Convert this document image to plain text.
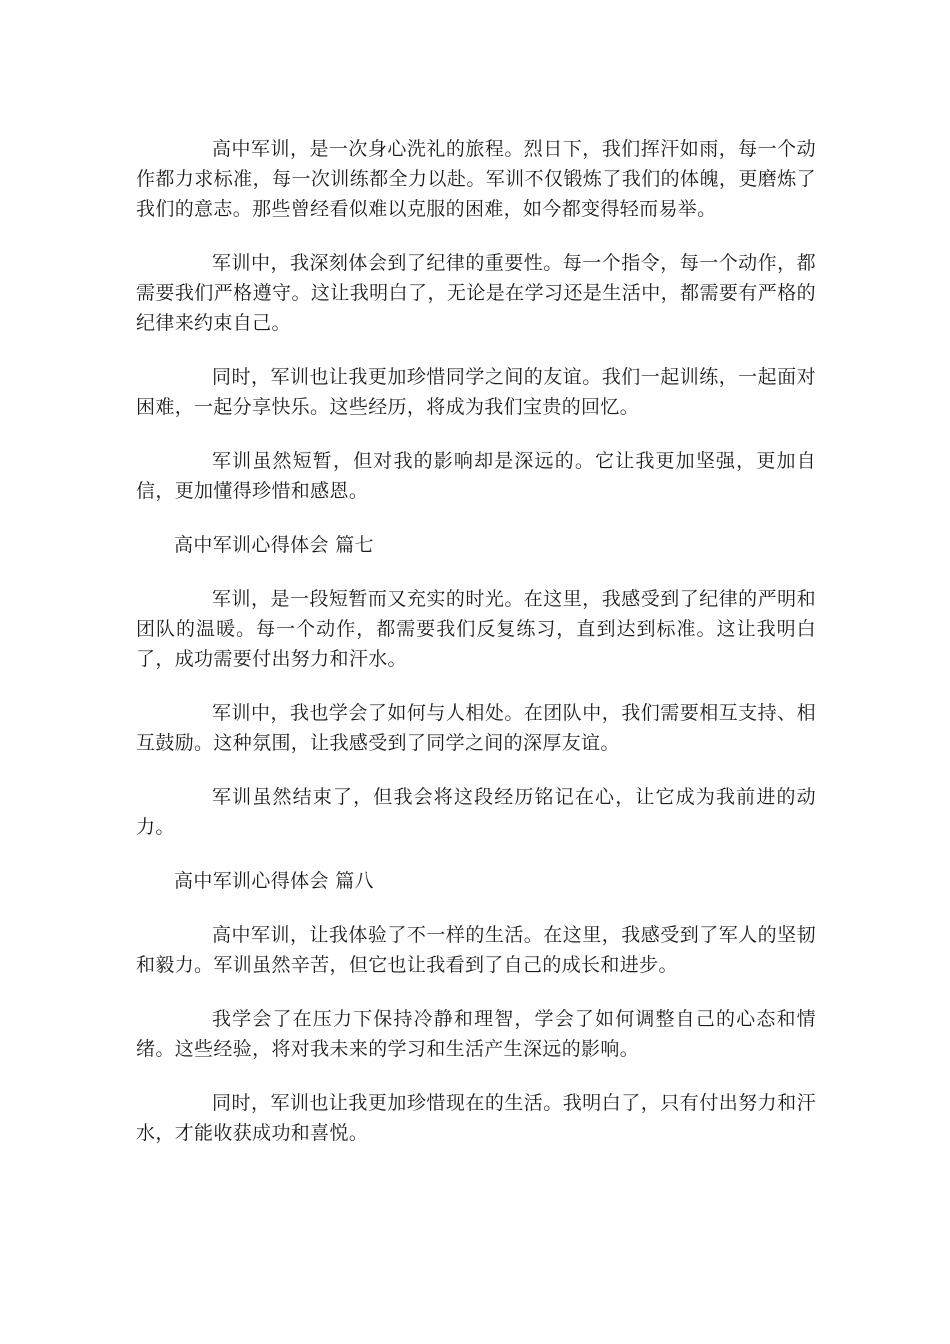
高中军训，是一次身心洗礼的旅程。烈日下，我们挥汗如雨，每一个动作都力求标准，每一次训练都全力以赴。军训不仅锻炼了我们的体魄，更磨炼了我们的意志。那些曾经看似难以克服的困难，如今都变得轻而易举。

军训中，我深刻体会到了纪律的重要性。每一个指令，每一个动作，都需要我们严格遵守。这让我明白了，无论是在学习还是生活中，都需要有严格的纪律来约束自己。

同时，军训也让我更加珍惜同学之间的友谊。我们一起训练，一起面对困难，一起分享快乐。这些经历，将成为我们宝贵的回忆。

军训虽然短暂，但对我的影响却是深远的。它让我更加坚强，更加自信，更加懂得珍惜和感恩。

高中军训心得体会 篇七

军训，是一段短暂而又充实的时光。在这里，我感受到了纪律的严明和团队的温暖。每一个动作，都需要我们反复练习，直到达到标准。这让我明白了，成功需要付出努力和汗水。

军训中，我也学会了如何与人相处。在团队中，我们需要相互支持、相互鼓励。这种氛围，让我感受到了同学之间的深厚友谊。

军训虽然结束了，但我会将这段经历铭记在心，让它成为我前进的动力。

高中军训心得体会 篇八

高中军训，让我体验了不一样的生活。在这里，我感受到了军人的坚韧和毅力。军训虽然辛苦，但它也让我看到了自己的成长和进步。

我学会了在压力下保持冷静和理智，学会了如何调整自己的心态和情绪。这些经验，将对我未来的学习和生活产生深远的影响。

同时，军训也让我更加珍惜现在的生活。我明白了，只有付出努力和汗水，才能收获成功和喜悦。
